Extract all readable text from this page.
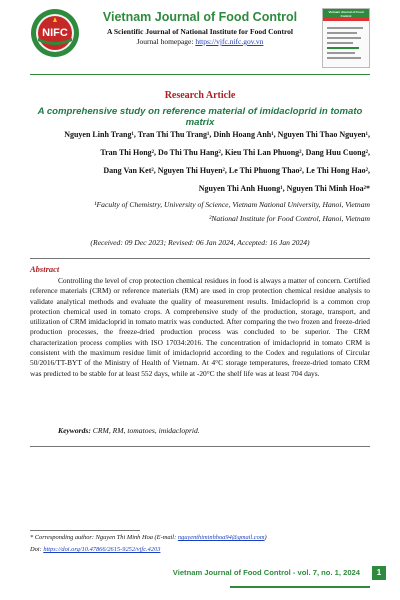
NIFC
Vietnam Journal of Food Control
A Scientific Journal of National Institute for Food Control
Journal homepage: https://vjfc.nifc.gov.vn
Vietnam Journal of Food Control
Research Article
A comprehensive study on reference material of imidacloprid in tomato matrix
Nguyen Linh Trang¹, Tran Thi Thu Trang¹, Dinh Hoang Anh¹, Nguyen Thi Thao Nguyen¹,
Tran Thi Hong², Do Thi Thu Hang², Kieu Thi Lan Phuong², Dang Huu Cuong²,
Dang Van Ket², Nguyen Thi Huyen², Le Thi Phuong Thao², Le Thi Hong Hao²,
Nguyen Thi Anh Huong¹, Nguyen Thi Minh Hoa²*
¹Faculty of Chemistry, University of Science, Vietnam National University, Hanoi, Vietnam
²National Institute for Food Control, Hanoi, Vietnam
(Received: 09 Dec 2023; Revised: 06 Jan 2024, Accepted: 16 Jan 2024)
Abstract

Controlling the level of crop protection chemical residues in food is always a matter of concern. Certified reference materials (CRM) or reference materials (RM) are used in crop protection chemical residue analysis to validate analytical methods and evaluate the quality of measurement results. Imidacloprid is a common crop protection chemical used in tomato crops. A comprehensive study of the production, storage, transport, and utilization of CRM imidacloprid in tomato matrix was conducted. After comparing the two frozen and freeze-dried production processes, the freeze-dried production process was concluded to be superior. The CRM characterization process complies with ISO 17034:2016. The concentration of imidacloprid in tomato CRM is consistent with the maximum residue limit of imidacloprid according to the Codex and regulations of Circular 50/2016/TT-BYT of the Ministry of Health of Vietnam. At 4°C storage temperatures, freeze-dried tomato CRM was predicted to be stable for at least 552 days, while at -20°C the shelf life was at least 704 days.

Keywords: CRM, RM, tomatoes, imidacloprid.
* Corresponding author: Nguyen Thi Minh Hoa (E-mail: nguyenthiminhhoa94@gmail.com)
Doi: https://doi.org/10.47866/2615-9252/vjfc.4203
Vietnam Journal of Food Control - vol. 7, no. 1, 2024	1
